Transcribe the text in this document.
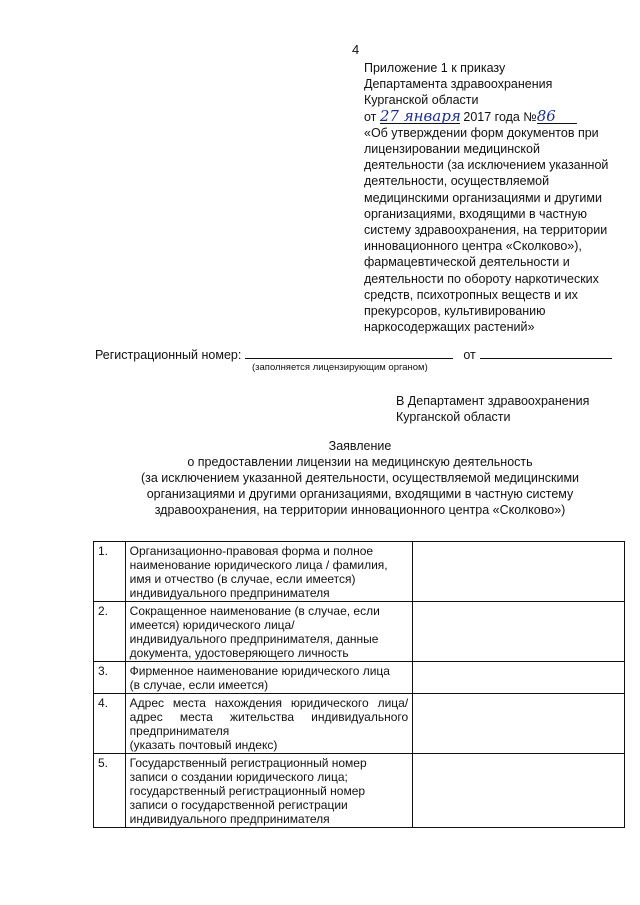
4
Приложение 1 к приказу
Департамента здравоохранения
Курганской области
от 27 января 2017 года №86
«Об утверждении форм документов при
лицензировании медицинской
деятельности (за исключением указанной
деятельности, осуществляемой
медицинскими организациями и другими
организациями, входящими в частную
систему здравоохранения, на территории
инновационного центра «Сколково»),
фармацевтической деятельности и
деятельности по обороту наркотических
средств, психотропных веществ и их
прекурсоров, культивированию
наркосодержащих растений»
Регистрационный номер:	от
(заполняется лицензирующим органом)
В Департамент здравоохранения
Курганской области
Заявление
о предоставлении лицензии на медицинскую деятельность
(за исключением указанной деятельности, осуществляемой медицинскими
организациями и другими организациями, входящими в частную систему
здравоохранения, на территории инновационного центра «Сколково»)
1.	Организационно-правовая форма и полное
наименование юридического лица / фамилия,
имя и отчество (в случае, если имеется)
индивидуального предпринимателя	

2.	Сокращенное наименование (в случае, если
имеется) юридического лица/
индивидуального предпринимателя, данные
документа, удостоверяющего личность	

3.	Фирменное наименование юридического лица
(в случае, если имеется)	

4.	Адрес места нахождения юридического лица/
адрес места жительства индивидуального
предпринимателя
(указать почтовый индекс)	

5.	Государственный регистрационный номер
записи о создании юридического лица;
государственный регистрационный номер
записи о государственной регистрации
индивидуального предпринимателя	
